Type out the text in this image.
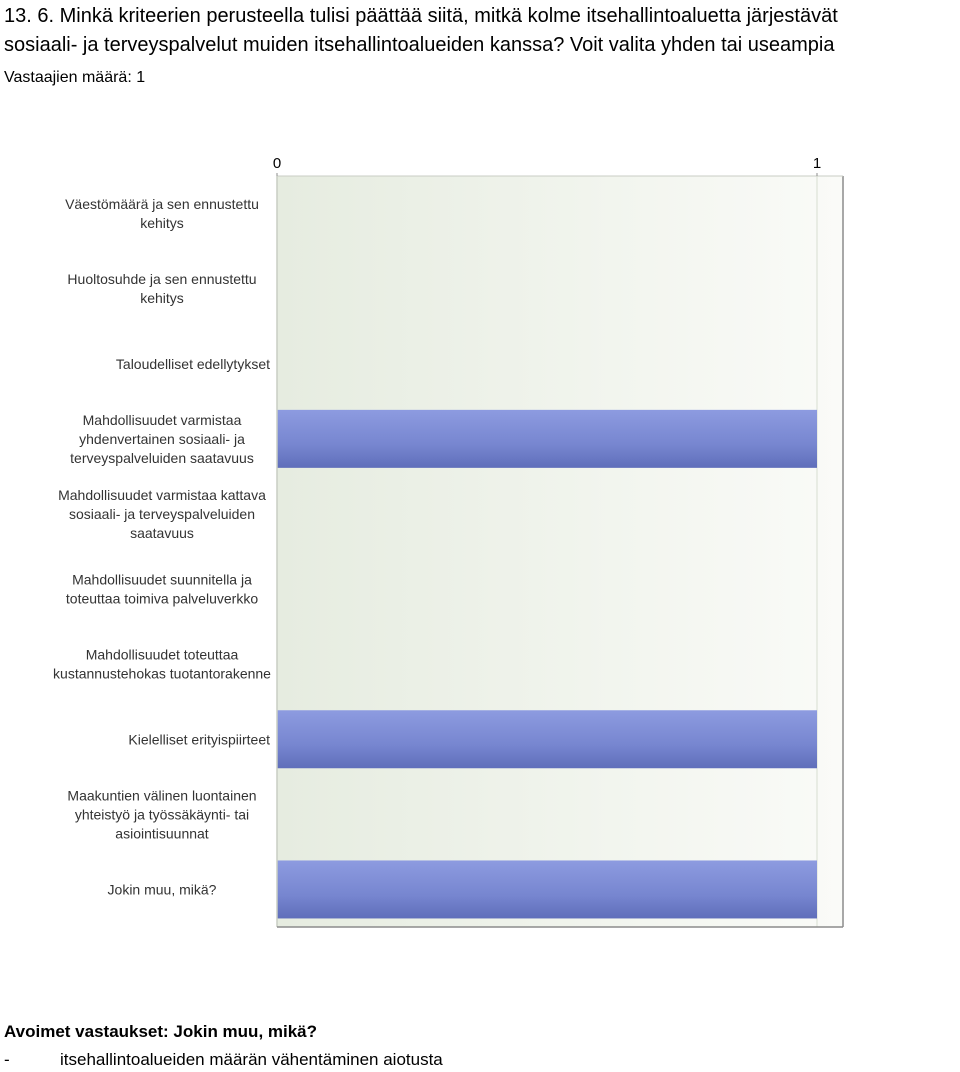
13. 6. Minkä kriteerien perusteella tulisi päättää siitä, mitkä kolme itsehallintoaluetta järjestävät
sosiaali- ja terveyspalvelut muiden itsehallintoalueiden kanssa? Voit valita yhden tai useampia
Vastaajien määrä: 1
0	1
Väestömäärä ja sen ennustettu
kehitys
Huoltosuhde ja sen ennustettu
kehitys
Taloudelliset edellytykset
Mahdollisuudet varmistaa
yhdenvertainen sosiaali- ja
terveyspalveluiden saatavuus
Mahdollisuudet varmistaa kattava
sosiaali- ja terveyspalveluiden
saatavuus
Mahdollisuudet suunnitella ja
toteuttaa toimiva palveluverkko
Mahdollisuudet toteuttaa
kustannustehokas tuotantorakenne
Kielelliset erityispiirteet
Maakuntien välinen luontainen
yhteistyö ja työssäkäynti- tai
asiointisuunnat
Jokin muu, mikä?
Avoimet vastaukset: Jokin muu, mikä?
-	itsehallintoalueiden määrän vähentäminen aiotusta
